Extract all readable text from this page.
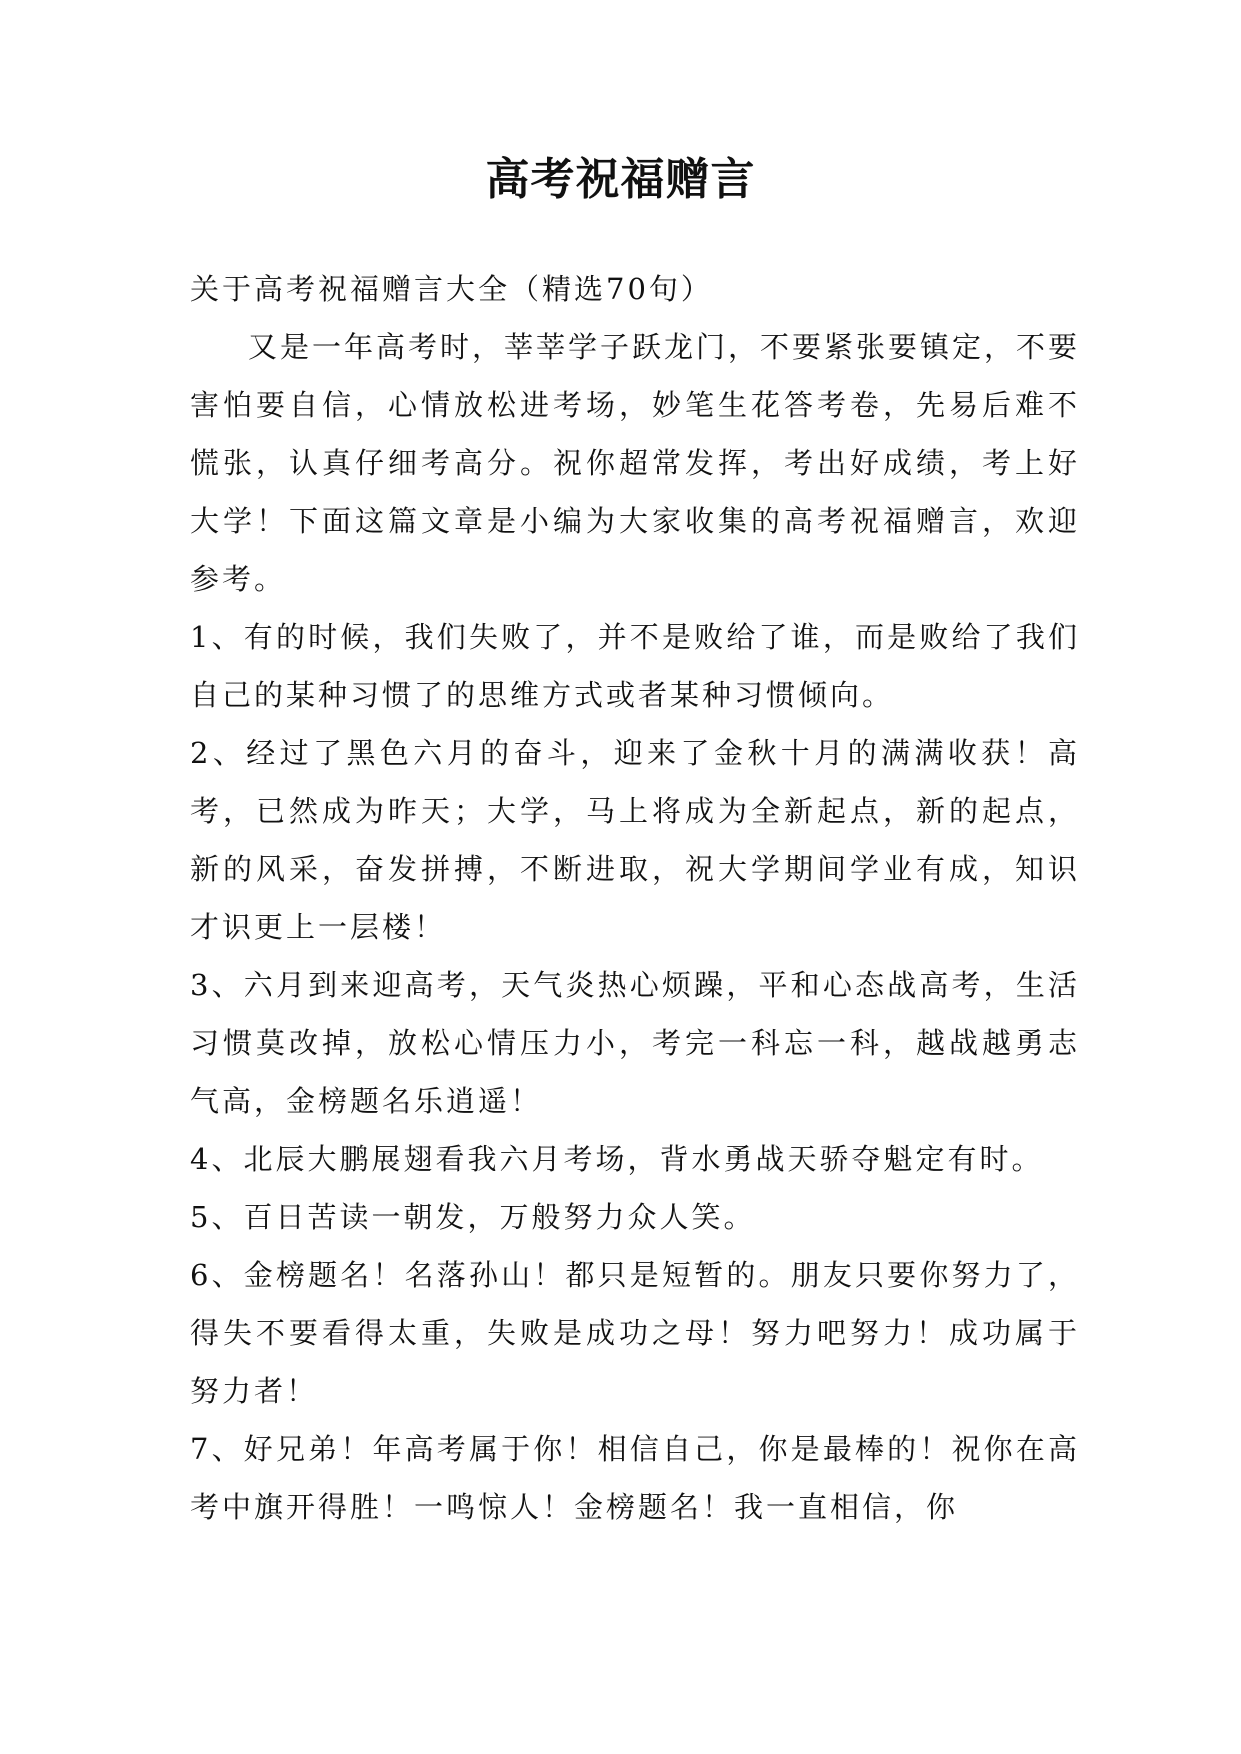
高考祝福赠言

关于高考祝福赠言大全（精选70句）

又是一年高考时，莘莘学子跃龙门，不要紧张要镇定，不要害怕要自信，心情放松进考场，妙笔生花答考卷，先易后难不慌张，认真仔细考高分。祝你超常发挥，考出好成绩，考上好大学！下面这篇文章是小编为大家收集的高考祝福赠言，欢迎参考。

1、有的时候，我们失败了，并不是败给了谁，而是败给了我们自己的某种习惯了的思维方式或者某种习惯倾向。

2、经过了黑色六月的奋斗，迎来了金秋十月的满满收获！高考，已然成为昨天；大学，马上将成为全新起点，新的起点，新的风采，奋发拼搏，不断进取，祝大学期间学业有成，知识才识更上一层楼！

3、六月到来迎高考，天气炎热心烦躁，平和心态战高考，生活习惯莫改掉，放松心情压力小，考完一科忘一科，越战越勇志气高，金榜题名乐逍遥！

4、北辰大鹏展翅看我六月考场，背水勇战天骄夺魁定有时。

5、百日苦读一朝发，万般努力众人笑。

6、金榜题名！名落孙山！都只是短暂的。朋友只要你努力了，得失不要看得太重，失败是成功之母！努力吧努力！成功属于努力者！

7、好兄弟！年高考属于你！相信自己，你是最棒的！祝你在高考中旗开得胜！一鸣惊人！金榜题名！我一直相信，你
